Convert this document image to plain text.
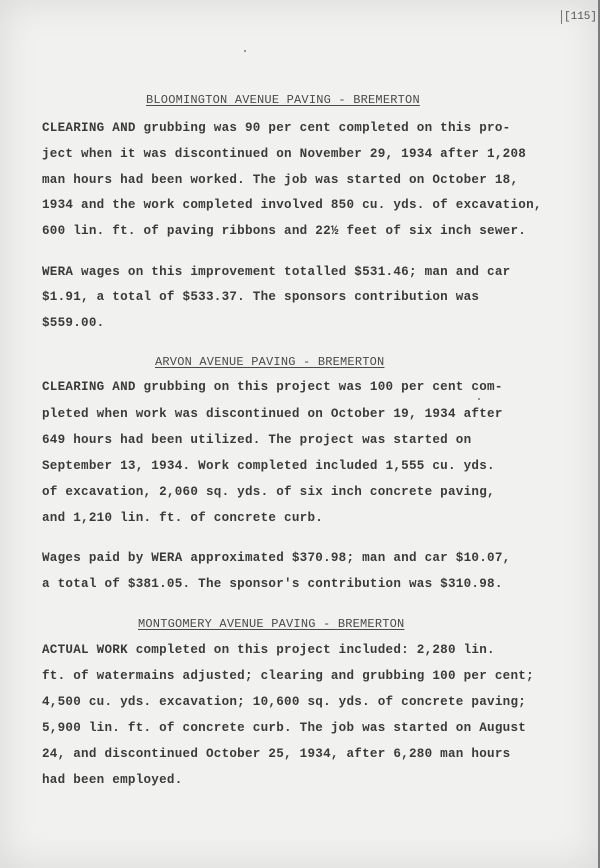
[115]
BLOOMINGTON AVENUE PAVING - BREMERTON
CLEARING AND grubbing was 90 per cent completed on this pro-
ject when it was discontinued on November 29, 1934 after 1,208
man hours had been worked. The job was started on October 18,
1934 and the work completed involved 850 cu. yds. of excavation,
600 lin. ft. of paving ribbons and 22½ feet of six inch sewer.
WERA wages on this improvement totalled $531.46; man and car
$1.91, a total of $533.37. The sponsors contribution was
$559.00.
ARVON AVENUE PAVING - BREMERTON
CLEARING AND grubbing on this project was 100 per cent com-
pleted when work was discontinued on October 19, 1934 after
649 hours had been utilized. The project was started on
September 13, 1934. Work completed included 1,555 cu. yds.
of excavation, 2,060 sq. yds. of six inch concrete paving,
and 1,210 lin. ft. of concrete curb.
Wages paid by WERA approximated $370.98; man and car $10.07,
a total of $381.05. The sponsor's contribution was $310.98.
MONTGOMERY AVENUE PAVING - BREMERTON
ACTUAL WORK completed on this project included: 2,280 lin.
ft. of watermains adjusted; clearing and grubbing 100 per cent;
4,500 cu. yds. excavation; 10,600 sq. yds. of concrete paving;
5,900 lin. ft. of concrete curb. The job was started on August
24, and discontinued October 25, 1934, after 6,280 man hours
had been employed.
